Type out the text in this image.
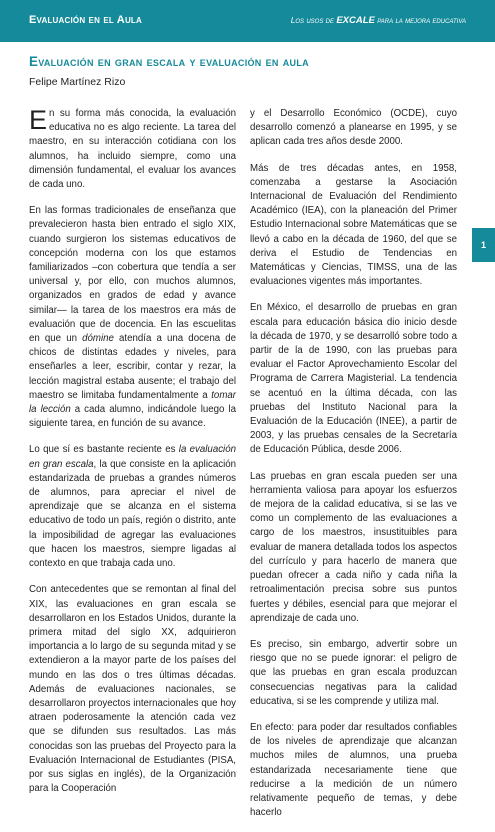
Evaluación en el Aula	Los usos de EXCALE para la mejora educativa
Evaluación en gran escala y evaluación en aula
Felipe Martínez Rizo

En su forma más conocida, la evaluación educativa no es algo reciente. La tarea del maestro, en su interacción cotidiana con los alumnos, ha incluido siempre, como una dimensión fundamental, el evaluar los avances de cada uno.

En las formas tradicionales de enseñanza que prevalecieron hasta bien entrado el siglo XIX, cuando surgieron los sistemas educativos de concepción moderna con los que estamos familiarizados –con cobertura que tendía a ser universal y, por ello, con muchos alumnos, organizados en grados de edad y avance similar— la tarea de los maestros era más de evaluación que de docencia. En las escuelitas en que un dómine atendía a una docena de chicos de distintas edades y niveles, para enseñarles a leer, escribir, contar y rezar, la lección magistral estaba ausente; el trabajo del maestro se limitaba fundamentalmente a tomar la lección a cada alumno, indicándole luego la siguiente tarea, en función de su avance.

Lo que sí es bastante reciente es la evaluación en gran escala, la que consiste en la aplicación estandarizada de pruebas a grandes números de alumnos, para apreciar el nivel de aprendizaje que se alcanza en el sistema educativo de todo un país, región o distrito, ante la imposibilidad de agregar las evaluaciones que hacen los maestros, siempre ligadas al contexto en que trabaja cada uno.

Con antecedentes que se remontan al final del XIX, las evaluaciones en gran escala se desarrollaron en los Estados Unidos, durante la primera mitad del siglo XX, adquirieron importancia a lo largo de su segunda mitad y se extendieron a la mayor parte de los países del mundo en las dos o tres últimas décadas. Además de evaluaciones nacionales, se desarrollaron proyectos internacionales que hoy atraen poderosamente la atención cada vez que se difunden sus resultados. Las más conocidas son las pruebas del Proyecto para la Evaluación Internacional de Estudiantes (PISA, por sus siglas en inglés), de la Organización para la Cooperación

y el Desarrollo Económico (OCDE), cuyo desarrollo comenzó a planearse en 1995, y se aplican cada tres años desde 2000.

Más de tres décadas antes, en 1958, comenzaba a gestarse la Asociación Internacional de Evaluación del Rendimiento Académico (IEA), con la planeación del Primer Estudio Internacional sobre Matemáticas que se llevó a cabo en la década de 1960, del que se deriva el Estudio de Tendencias en Matemáticas y Ciencias, TIMSS, una de las evaluaciones vigentes más importantes.

En México, el desarrollo de pruebas en gran escala para educación básica dio inicio desde la década de 1970, y se desarrolló sobre todo a partir de la de 1990, con las pruebas para evaluar el Factor Aprovechamiento Escolar del Programa de Carrera Magisterial. La tendencia se acentuó en la última década, con las pruebas del Instituto Nacional para la Evaluación de la Educación (INEE), a partir de 2003, y las pruebas censales de la Secretaría de Educación Pública, desde 2006.

Las pruebas en gran escala pueden ser una herramienta valiosa para apoyar los esfuerzos de mejora de la calidad educativa, si se las ve como un complemento de las evaluaciones a cargo de los maestros, insustituibles para evaluar de manera detallada todos los aspectos del currículo y para hacerlo de manera que puedan ofrecer a cada niño y cada niña la retroalimentación precisa sobre sus puntos fuertes y débiles, esencial para que mejorar el aprendizaje de cada uno.

Es preciso, sin embargo, advertir sobre un riesgo que no se puede ignorar: el peligro de que las pruebas en gran escala produzcan consecuencias negativas para la calidad educativa, si se les comprende y utiliza mal.

En efecto: para poder dar resultados confiables de los niveles de aprendizaje que alcanzan muchos miles de alumnos, una prueba estandarizada necesariamente tiene que reducirse a la medición de un número relativamente pequeño de temas, y debe hacerlo

1
